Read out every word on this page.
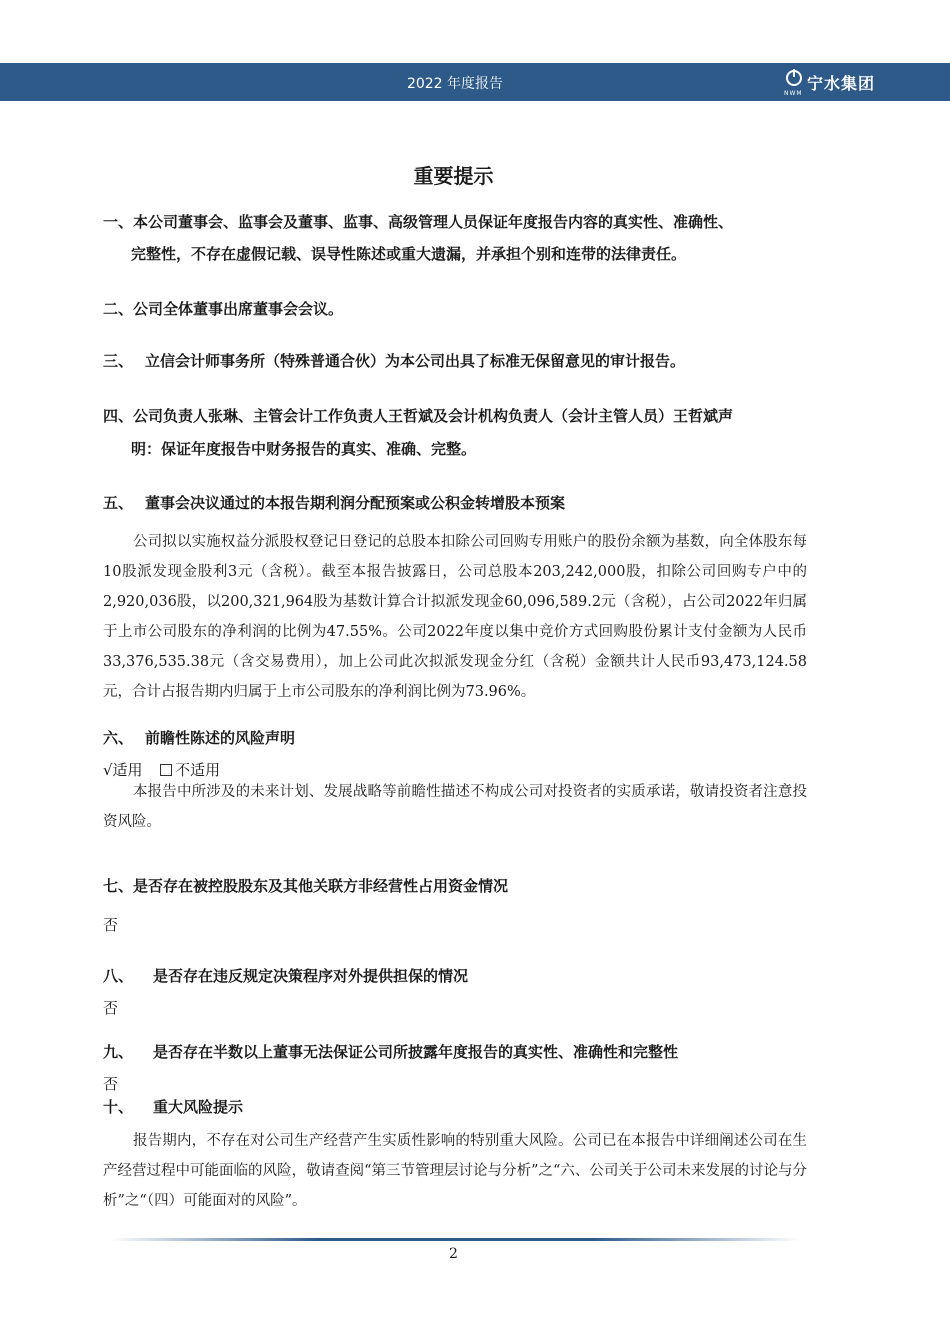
2022 年度报告	宁水集团
NWM
重要提示
一、本公司董事会、监事会及董事、监事、高级管理人员保证年度报告内容的真实性、准确性、
完整性，不存在虚假记载、误导性陈述或重大遗漏，并承担个别和连带的法律责任。
二、公司全体董事出席董事会会议。
三、 立信会计师事务所（特殊普通合伙）为本公司出具了标准无保留意见的审计报告。
四、公司负责人张琳、主管会计工作负责人王哲斌及会计机构负责人（会计主管人员）王哲斌声
明：保证年度报告中财务报告的真实、准确、完整。
五、 董事会决议通过的本报告期利润分配预案或公积金转增股本预案
公司拟以实施权益分派股权登记日登记的总股本扣除公司回购专用账户的股份余额为基数，向全体股东每10股派发现金股利3元（含税）。截至本报告披露日，公司总股本203,242,000股，扣除公司回购专户中的2,920,036股，以200,321,964股为基数计算合计拟派发现金60,096,589.2元（含税），占公司2022年归属于上市公司股东的净利润的比例为47.55%。公司2022年度以集中竞价方式回购股份累计支付金额为人民币33,376,535.38元（含交易费用），加上公司此次拟派发现金分红（含税）金额共计人民币93,473,124.58元，合计占报告期内归属于上市公司股东的净利润比例为73.96%。
六、 前瞻性陈述的风险声明
√适用 不适用
本报告中所涉及的未来计划、发展战略等前瞻性描述不构成公司对投资者的实质承诺，敬请投资者注意投资风险。
七、是否存在被控股股东及其他关联方非经营性占用资金情况
否
八、 是否存在违反规定决策程序对外提供担保的情况
否
九、 是否存在半数以上董事无法保证公司所披露年度报告的真实性、准确性和完整性
否
十、 重大风险提示
报告期内，不存在对公司生产经营产生实质性影响的特别重大风险。公司已在本报告中详细阐述公司在生产经营过程中可能面临的风险，敬请查阅“第三节管理层讨论与分析”之“六、公司关于公司未来发展的讨论与分析”之“（四）可能面对的风险”。
2
